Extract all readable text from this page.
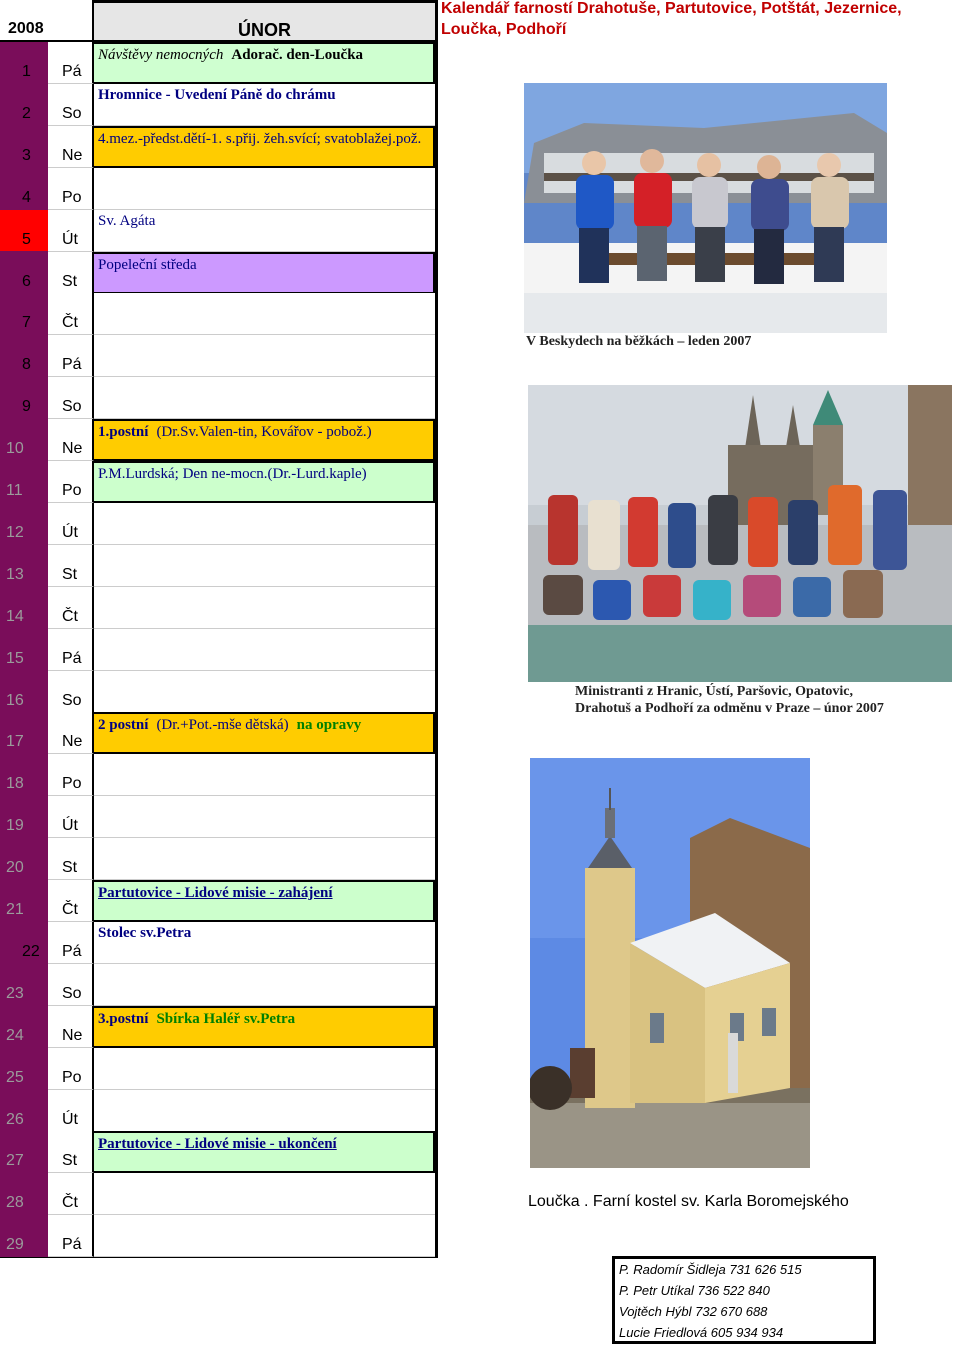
2008	ÚNOR
1	Pá
Návštěvy nemocných Adorač. den-Loučka
2	So
Hromnice - Uvedení Páně do chrámu
3	Ne
4.mez.-předst.dětí-1. s.přij. žeh.svící; svatoblažej.pož.
4	Po
5	Út
Sv. Agáta
6	St
Popeleční středa
7	Čt
8	Pá
9	So
10	Ne
1.postní (Dr.Sv.Valen-tin, Kovářov - pobož.)
11	Po
P.M.Lurdská; Den ne-mocn.(Dr.-Lurd.kaple)
12	Út
13	St
14	Čt
15	Pá
16	So
17	Ne
2 postní (Dr.+Pot.-mše dětská) na opravy
18	Po
19	Út
20	St
21	Čt
Partutovice - Lidové misie - zahájení
22	Pá
Stolec sv.Petra
23	So
24	Ne
3.postní Sbírka Haléř sv.Petra
25	Po
26	Út
27	St
Partutovice - Lidové misie - ukončení
28	Čt
29	Pá
Kalendář farností Drahotuše, Partutovice, Potštát, Jezernice, Loučka, Podhoří
V Beskydech na běžkách – leden 2007
Ministranti z Hranic, Ústí, Paršovic, Opatovic,
Drahotuš a Podhoří za odměnu v Praze – únor 2007
Loučka . Farní kostel sv. Karla Boromejského
P. Radomír Šidleja 731 626 515
P. Petr Utíkal 736 522 840
Vojtěch Hýbl 732 670 688
Lucie Friedlová 605 934 934
